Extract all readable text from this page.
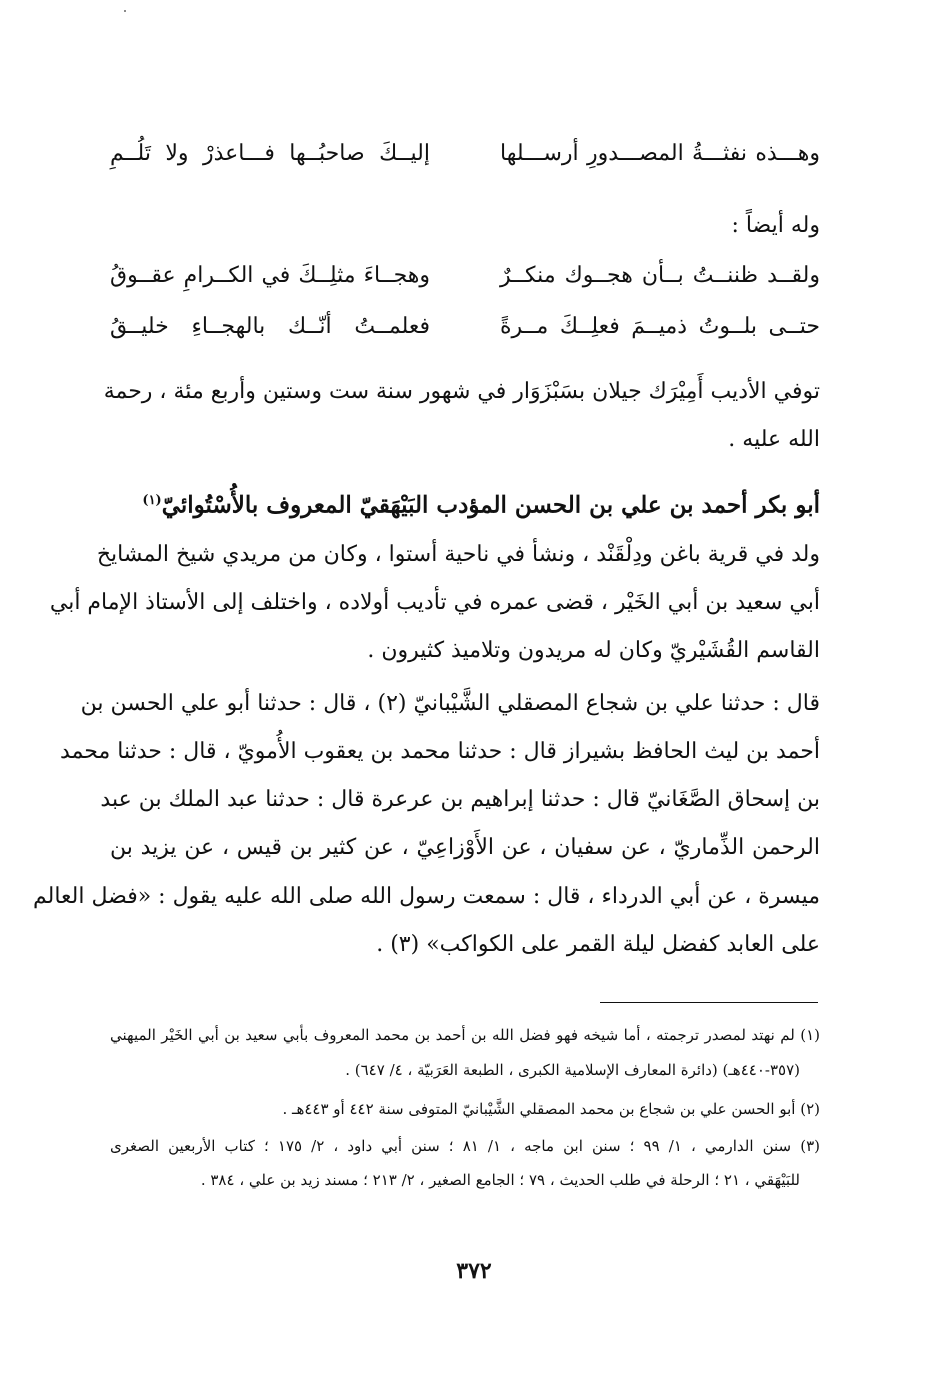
وهـــذه نفثـــةُ المصـــدورِ أرســـلها
إليــكَ صاحبُــها فـــاعذرْ ولا تَلُــمِ
وله أيضاً :
ولقــد ظننــتُ بــأن هجــوك منكــرٌ
وهجــاءَ مثلِــكَ في الكــرامِ عقــوقُ
حتــى بلــوتُ ذميــمَ فعلِــكَ مــرةً
فعلمــتُ أنّــك بالهجــاءِ خليــقُ
توفي الأديب أَمِيْرَك جيلان بسَبْزَوَار في شهور سنة ست وستين وأربع مئة ، رحمة
الله عليه .
أبو بكر أحمد بن علي بن الحسن المؤدب البَيْهَقيّ المعروف بالأُسْتُوائيّ$^{(١)}$
ولد في قرية باغن ودِلْقَنْد ، ونشأ في ناحية أستوا ، وكان من مريدي شيخ المشايخ
أبي سعيد بن أبي الخَيْر ، قضى عمره في تأديب أولاده ، واختلف إلى الأستاذ الإمام أبي
القاسم القُشَيْريّ وكان له مريدون وتلاميذ كثيرون .
قال : حدثنا علي بن شجاع المصقلي الشَّيْبانيّ (٢) ، قال : حدثنا أبو علي الحسن بن
أحمد بن ليث الحافظ بشيراز قال : حدثنا محمد بن يعقوب الأُمويّ ، قال : حدثنا محمد
بن إسحاق الصَّغَانيّ قال : حدثنا إبراهيم بن عرعرة قال : حدثنا عبد الملك بن عبد
الرحمن الذِّماريّ ، عن سفيان ، عن الأَوْزاعِيّ ، عن كثير بن قيس ، عن يزيد بن
ميسرة ، عن أبي الدرداء ، قال : سمعت رسول الله صلى الله عليه يقول : «فضل العالم
على العابد كفضل ليلة القمر على الكواكب» (٣) .
(١) لم نهتد لمصدر ترجمته ، أما شيخه فهو فضل الله بن أحمد بن محمد المعروف بأبي سعيد بن أبي الخَيْر الميهني
(٣٥٧-٤٤٠هـ) (دائرة المعارف الإسلامية الكبرى ، الطبعة العَرَبيّة ، ٤/ ٦٤٧) .
(٢) أبو الحسن علي بن شجاع بن محمد المصقلي الشَّيْبانيّ المتوفى سنة ٤٤٢ أو ٤٤٣هـ .
(٣) سنن الدارمي ، ١/ ٩٩ ؛ سنن ابن ماجه ، ١/ ٨١ ؛ سنن أبي داود ، ٢/ ١٧٥ ؛ كتاب الأربعين الصغرى
للبَيْهَقي ، ٢١ ؛ الرحلة في طلب الحديث ، ٧٩ ؛ الجامع الصغير ، ٢/ ٢١٣ ؛ مسند زيد بن علي ، ٣٨٤ .
٣٧٢
